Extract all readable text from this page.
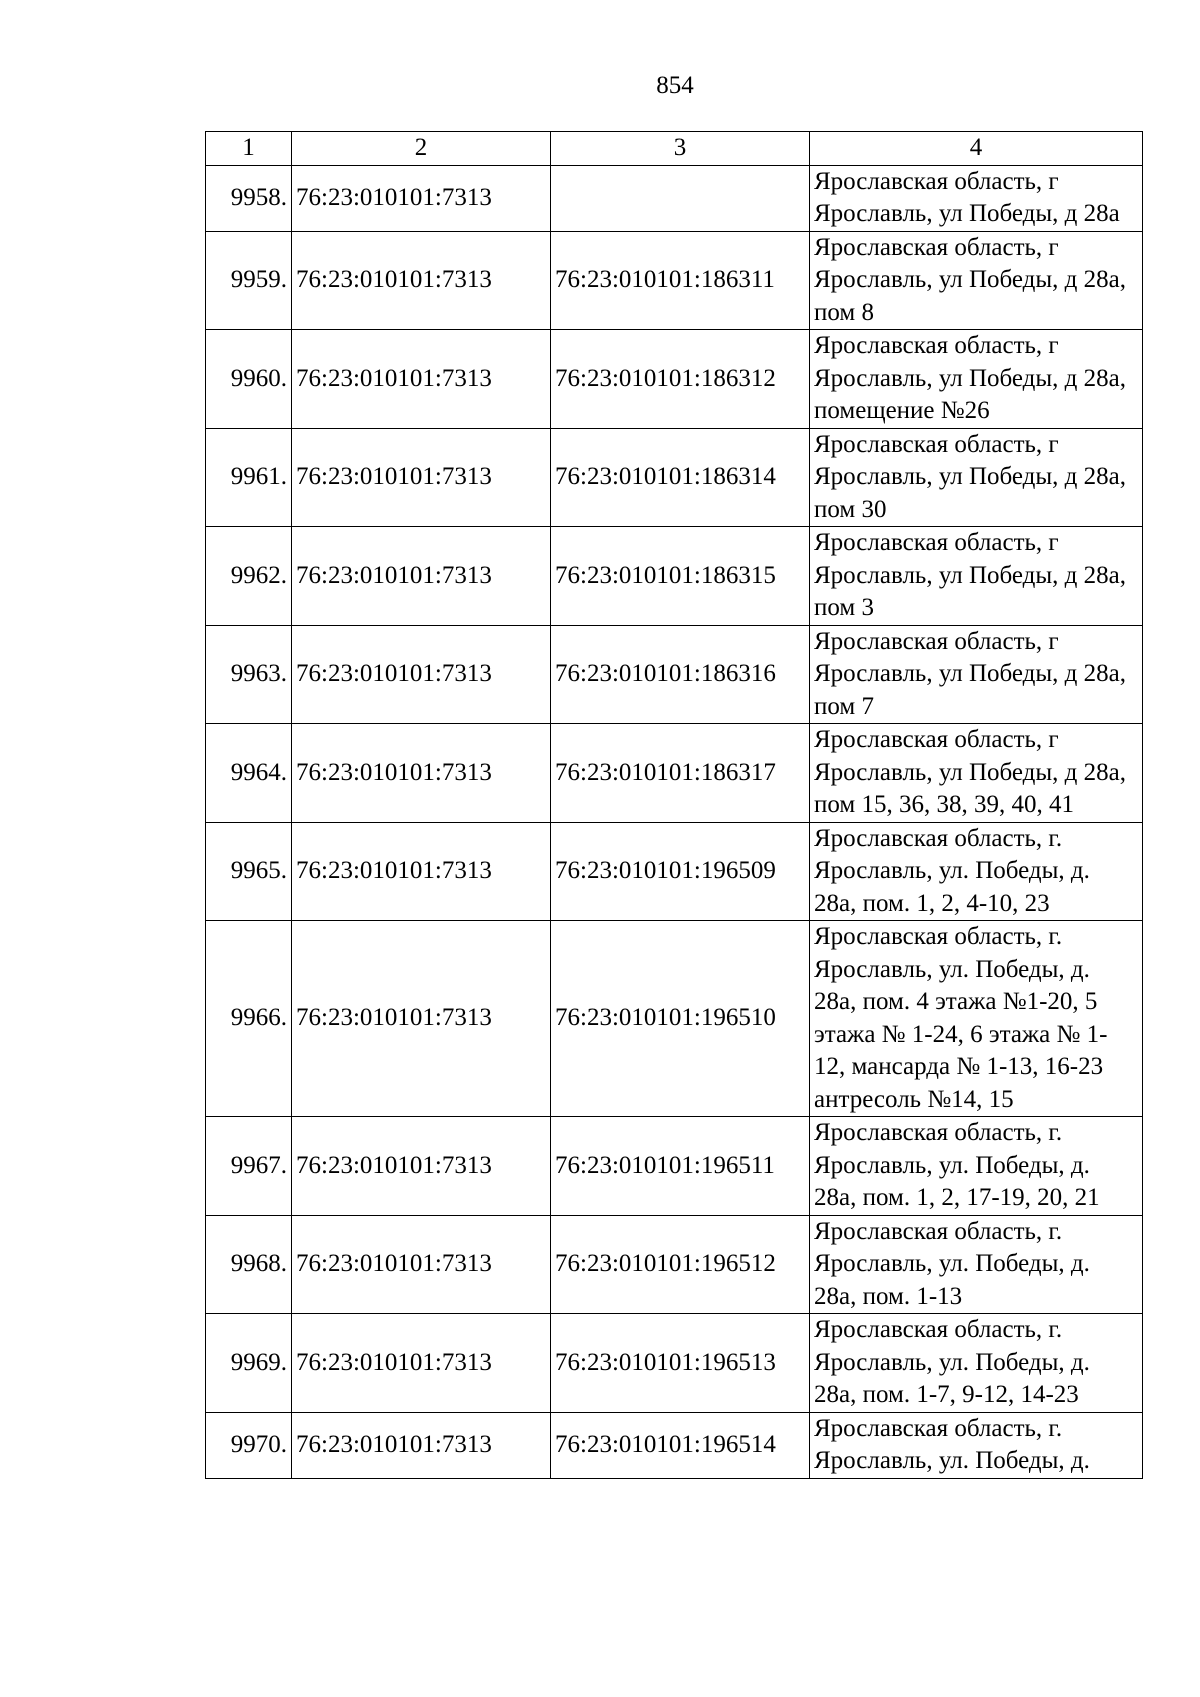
854
1	2	3	4
9958.	76:23:010101:7313		Ярославская область, г Ярославль, ул Победы, д 28а
9959.	76:23:010101:7313	76:23:010101:186311	Ярославская область, г Ярославль, ул Победы, д 28а, пом 8
9960.	76:23:010101:7313	76:23:010101:186312	Ярославская область, г Ярославль, ул Победы, д 28а, помещение №26
9961.	76:23:010101:7313	76:23:010101:186314	Ярославская область, г Ярославль, ул Победы, д 28а, пом 30
9962.	76:23:010101:7313	76:23:010101:186315	Ярославская область, г Ярославль, ул Победы, д 28а, пом 3
9963.	76:23:010101:7313	76:23:010101:186316	Ярославская область, г Ярославль, ул Победы, д 28а, пом 7
9964.	76:23:010101:7313	76:23:010101:186317	Ярославская область, г Ярославль, ул Победы, д 28а, пом 15, 36, 38, 39, 40, 41
9965.	76:23:010101:7313	76:23:010101:196509	Ярославская область, г. Ярославль, ул. Победы, д. 28а, пом. 1, 2, 4-10, 23
9966.	76:23:010101:7313	76:23:010101:196510	Ярославская область, г. Ярославль, ул. Победы, д. 28а, пом. 4 этажа №1-20, 5 этажа № 1-24, 6 этажа № 1-12, мансарда № 1-13, 16-23 антресоль №14, 15
9967.	76:23:010101:7313	76:23:010101:196511	Ярославская область, г. Ярославль, ул. Победы, д. 28а, пом. 1, 2, 17-19, 20, 21
9968.	76:23:010101:7313	76:23:010101:196512	Ярославская область, г. Ярославль, ул. Победы, д. 28а, пом. 1-13
9969.	76:23:010101:7313	76:23:010101:196513	Ярославская область, г. Ярославль, ул. Победы, д. 28а, пом. 1-7, 9-12, 14-23
9970.	76:23:010101:7313	76:23:010101:196514	Ярославская область, г. Ярославль, ул. Победы, д.
